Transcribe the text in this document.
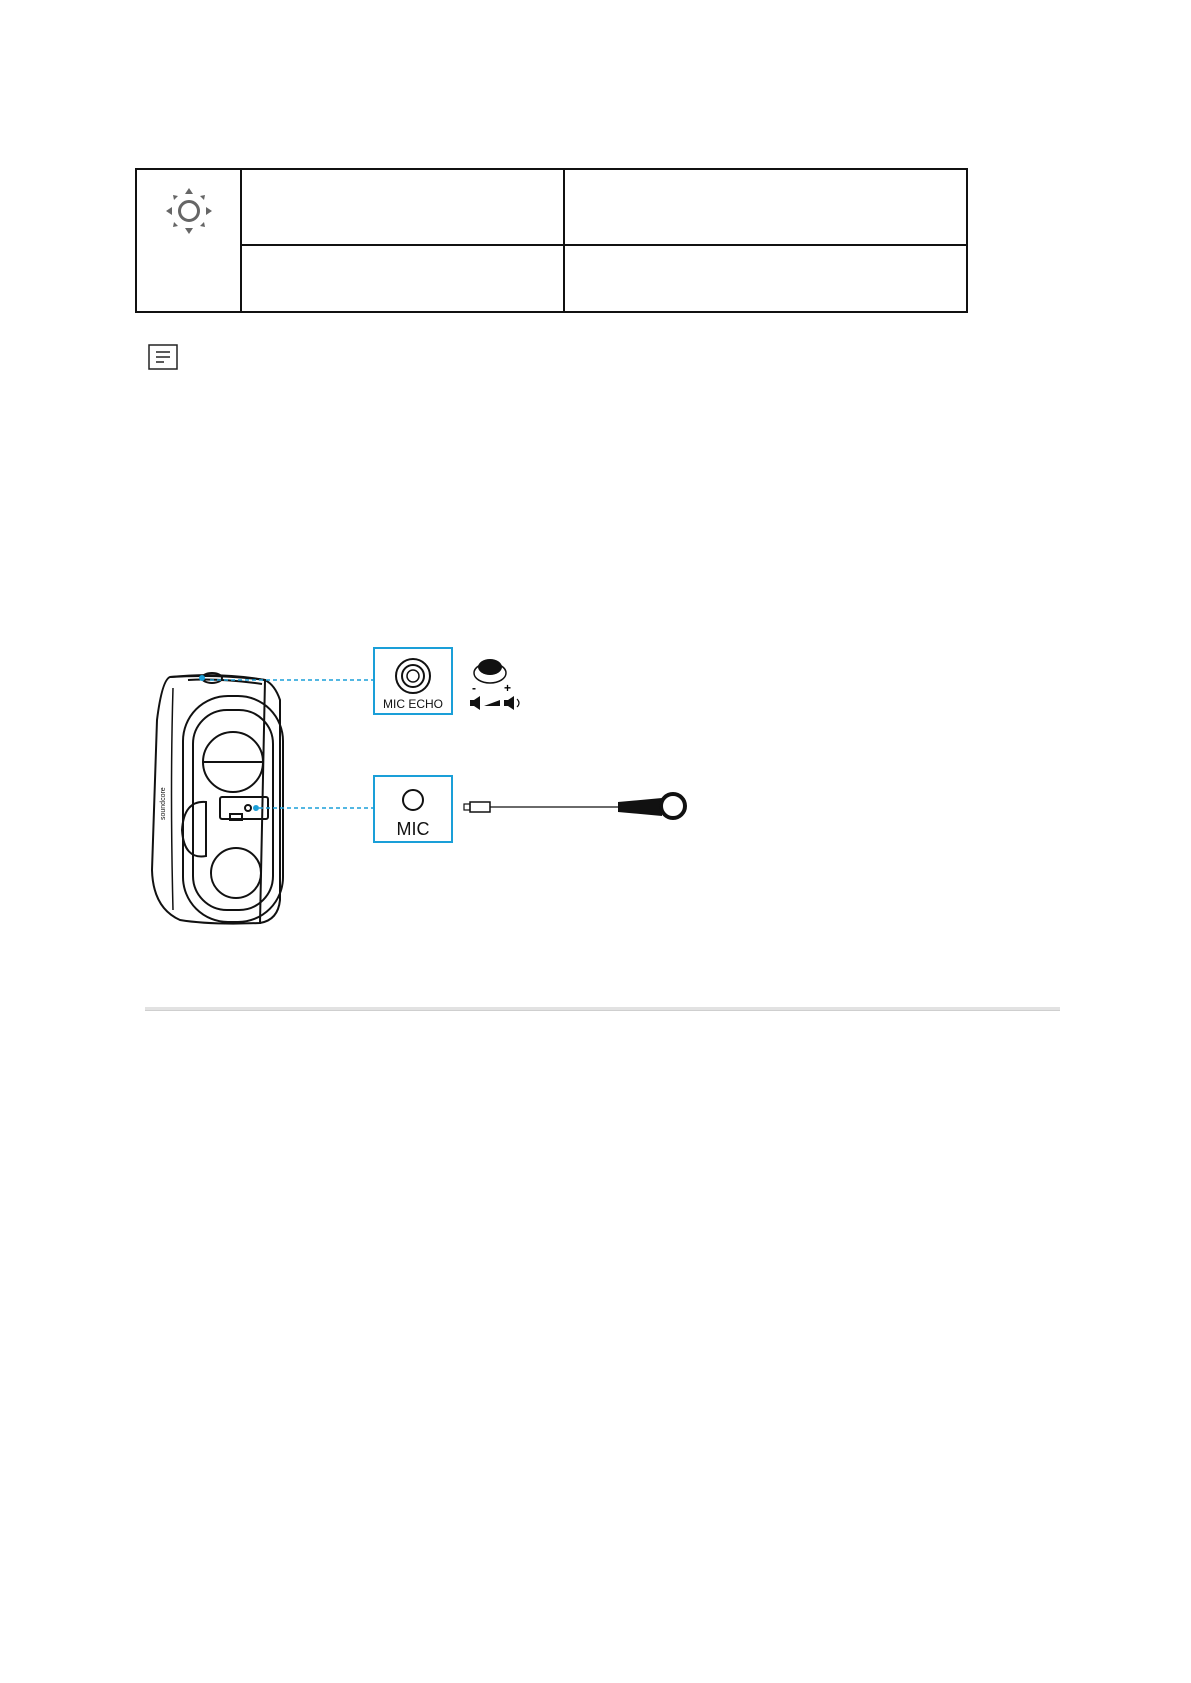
soundcore
MIC ECHO
- +
MIC
